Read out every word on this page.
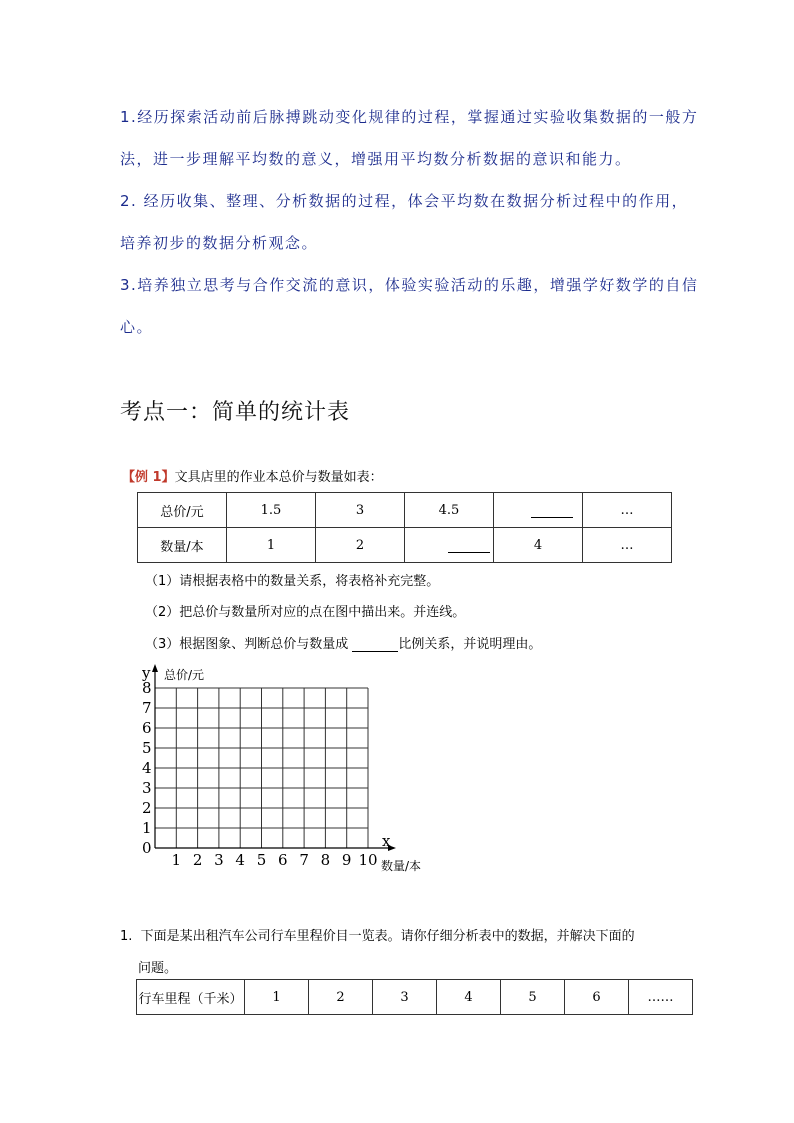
1.经历探索活动前后脉搏跳动变化规律的过程，掌握通过实验收集数据的一般方
法，进一步理解平均数的意义，增强用平均数分析数据的意识和能力。
2. 经历收集、整理、分析数据的过程，体会平均数在数据分析过程中的作用，
培养初步的数据分析观念。
3.培养独立思考与合作交流的意识，体验实验活动的乐趣，增强学好数学的自信
心。
考点一：简单的统计表
【例 1】文具店里的作业本总价与数量如表：
总价/元	1.5	3	4.5		…
数量/本	1	2		4	…
（1）请根据表格中的数量关系，将表格补充完整。
（2）把总价与数量所对应的点在图中描出来。并连线。
（3）根据图象、判断总价与数量成	比例关系，并说明理由。
y 总价/元
x
数量/本
0
1
2
3
4
5
6
7
8
1 2 3 4 5 6 7 8 9 10
1. 下面是某出租汽车公司行车里程价目一览表。请你仔细分析表中的数据，并解决下面的
问题。
行车里程（千米）	1	2	3	4	5	6	……
